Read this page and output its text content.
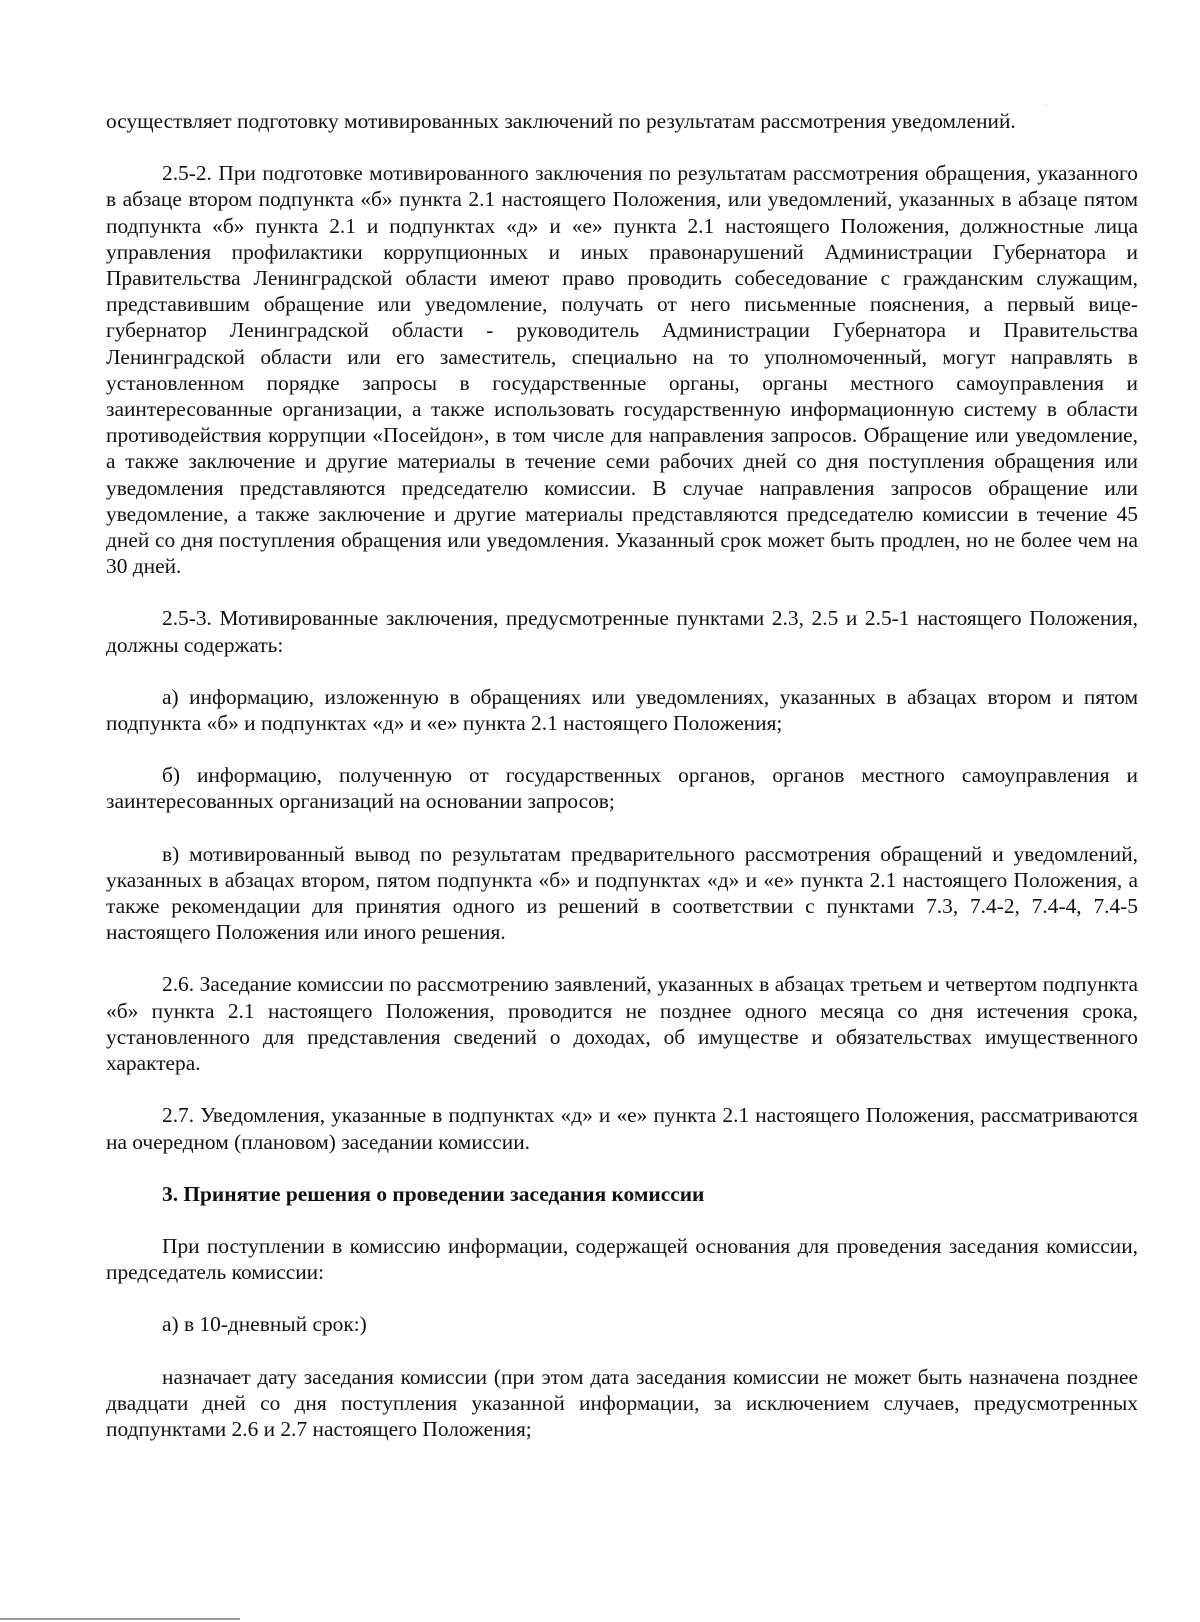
осуществляет подготовку мотивированных заключений по результатам рассмотрения уведомлений.

2.5-2. При подготовке мотивированного заключения по результатам рассмотрения обращения, указанного в абзаце втором подпункта «б» пункта 2.1 настоящего Положения, или уведомлений, указанных в абзаце пятом подпункта «б» пункта 2.1 и подпунктах «д» и «е» пункта 2.1 настоящего Положения, должностные лица управления профилактики коррупционных и иных правонарушений Администрации Губернатора и Правительства Ленинградской области имеют право проводить собеседование с гражданским служащим, представившим обращение или уведомление, получать от него письменные пояснения, а первый вице-губернатор Ленинградской области - руководитель Администрации Губернатора и Правительства Ленинградской области или его заместитель, специально на то уполномоченный, могут направлять в установленном порядке запросы в государственные органы, органы местного самоуправления и заинтересованные организации, а также использовать государственную информационную систему в области противодействия коррупции «Посейдон», в том числе для направления запросов. Обращение или уведомление, а также заключение и другие материалы в течение семи рабочих дней со дня поступления обращения или уведомления представляются председателю комиссии. В случае направления запросов обращение или уведомление, а также заключение и другие материалы представляются председателю комиссии в течение 45 дней со дня поступления обращения или уведомления. Указанный срок может быть продлен, но не более чем на 30 дней.

2.5-3. Мотивированные заключения, предусмотренные пунктами 2.3, 2.5 и 2.5-1 настоящего Положения, должны содержать:

а) информацию, изложенную в обращениях или уведомлениях, указанных в абзацах втором и пятом подпункта «б» и подпунктах «д» и «е» пункта 2.1 настоящего Положения;

б) информацию, полученную от государственных органов, органов местного самоуправления и заинтересованных организаций на основании запросов;

в) мотивированный вывод по результатам предварительного рассмотрения обращений и уведомлений, указанных в абзацах втором, пятом подпункта «б» и подпунктах «д» и «е» пункта 2.1 настоящего Положения, а также рекомендации для принятия одного из решений в соответствии с пунктами 7.3, 7.4-2, 7.4-4, 7.4-5 настоящего Положения или иного решения.

2.6. Заседание комиссии по рассмотрению заявлений, указанных в абзацах третьем и четвертом подпункта «б» пункта 2.1 настоящего Положения, проводится не позднее одного месяца со дня истечения срока, установленного для представления сведений о доходах, об имуществе и обязательствах имущественного характера.

2.7. Уведомления, указанные в подпунктах «д» и «е» пункта 2.1 настоящего Положения, рассматриваются на очередном (плановом) заседании комиссии.

3. Принятие решения о проведении заседания комиссии

При поступлении в комиссию информации, содержащей основания для проведения заседания комиссии, председатель комиссии:

а) в 10-дневный срок:)

назначает дату заседания комиссии (при этом дата заседания комиссии не может быть назначена позднее двадцати дней со дня поступления указанной информации, за исключением случаев, предусмотренных подпунктами 2.6 и 2.7 настоящего Положения;
